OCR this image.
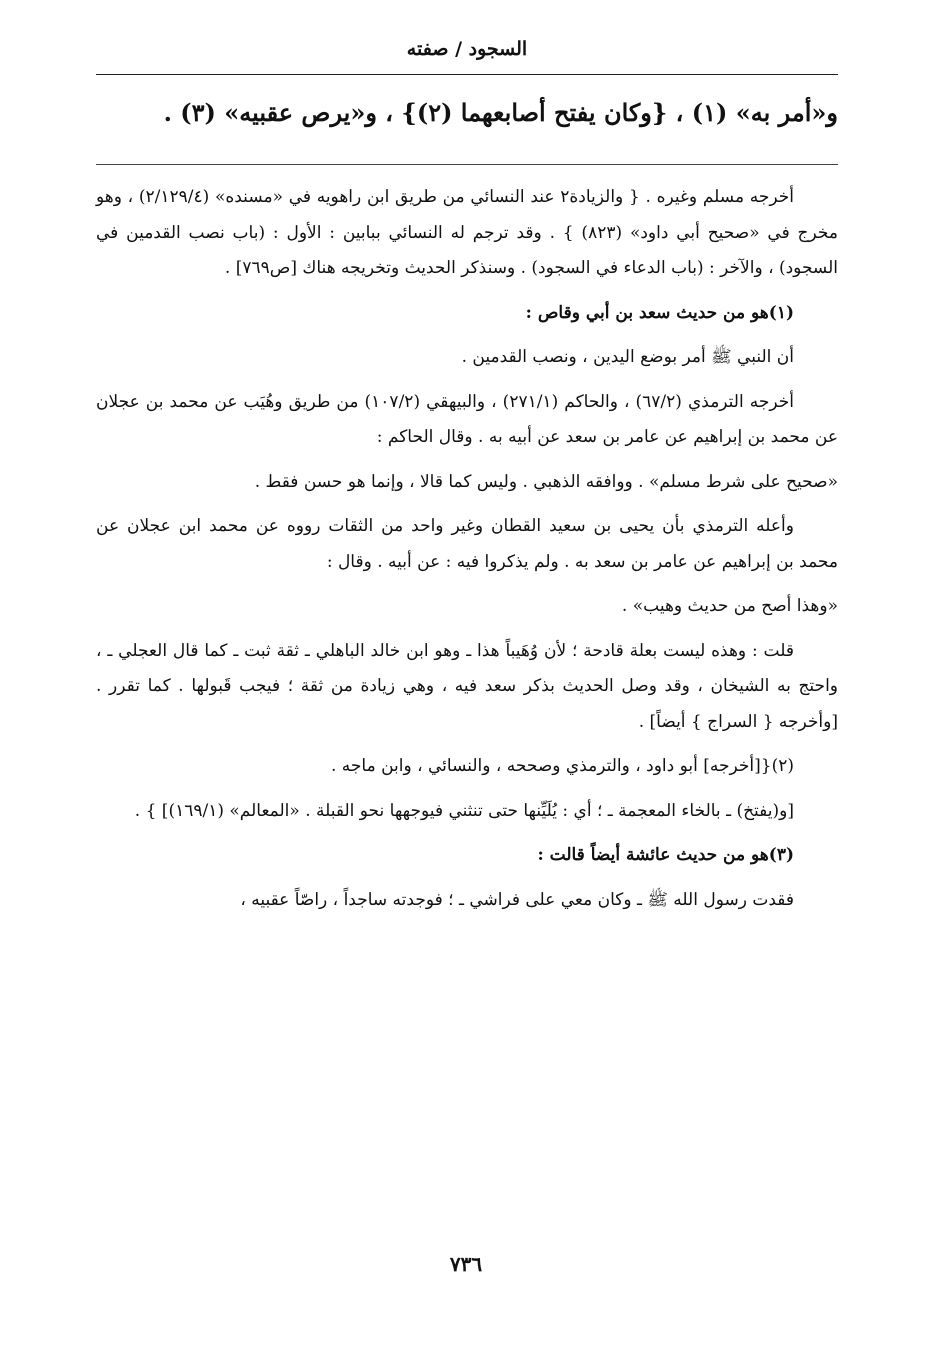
السجود / صفته
و«أمر به» (١) ، {وكان يفتح أصابعهما (٢)} ، و«يرص عقبيه» (٣) .

أخرجه مسلم وغيره . { والزيادة٢ عند النسائي من طريق ابن راهويه في «مسنده» (٢/١٢٩/٤) ، وهو مخرج في «صحيح أبي داود» (٨٢٣) } . وقد ترجم له النسائي ببابين : الأول : (باب نصب القدمين في السجود) ، والآخر : (باب الدعاء في السجود) . وسنذكر الحديث وتخريجه هناك [ص٧٦٩] .

(١)هو من حديث سعد بن أبي وقاص :

أن النبي ﷺ أمر بوضع اليدين ، ونصب القدمين .

أخرجه الترمذي (٦٧/٢) ، والحاكم (٢٧١/١) ، والبيهقي (١٠٧/٢) من طريق وهُيَب عن محمد بن عجلان عن محمد بن إبراهيم عن عامر بن سعد عن أبيه به . وقال الحاكم :

«صحيح على شرط مسلم» . ووافقه الذهبي . وليس كما قالا ، وإنما هو حسن فقط .

وأعله الترمذي بأن يحيى بن سعيد القطان وغير واحد من الثقات رووه عن محمد ابن عجلان عن محمد بن إبراهيم عن عامر بن سعد به . ولم يذكروا فيه : عن أبيه . وقال :

«وهذا أصح من حديث وهيب» .

قلت : وهذه ليست بعلة قادحة ؛ لأن وُهَيباً هذا ـ وهو ابن خالد الباهلي ـ ثقة ثبت ـ كما قال العجلي ـ ، واحتج به الشيخان ، وقد وصل الحديث بذكر سعد فيه ، وهي زيادة من ثقة ؛ فيجب قَبولها . كما تقرر . [وأخرجه { السراج } أيضاً] .

(٢){[أخرجه] أبو داود ، والترمذي وصححه ، والنسائي ، وابن ماجه .

[و(يفتخ) ـ بالخاء المعجمة ـ ؛ أي : يُلَيِّنها حتى تنثني فيوجهها نحو القبلة . «المعالم» (١٦٩/١)] } .

(٣)هو من حديث عائشة أيضاً قالت :

فقدت رسول الله ﷺ ـ وكان معي على فراشي ـ ؛ فوجدته ساجداً ، راصّاً عقبيه ،

٧٣٦
